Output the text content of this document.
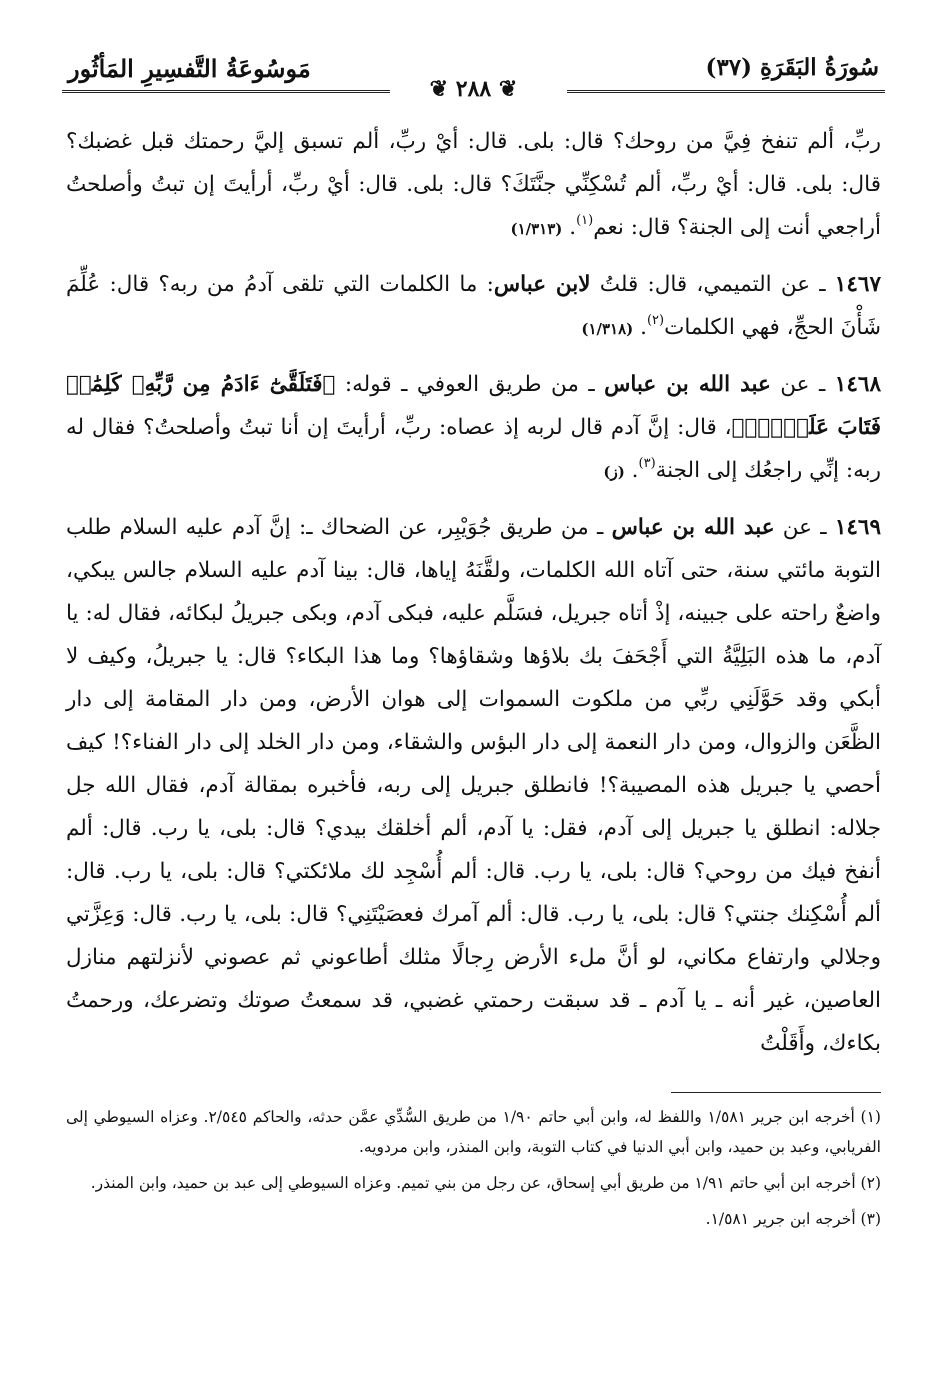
سُورَةُ البَقَرَةِ (٣٧)
❦ ٢٨٨ ❦
مَوسُوعَةُ التَّفسِيرِ المَأثُور

ربِّ، ألم تنفخ فِيَّ من روحك؟ قال: بلى. قال: أيْ ربِّ، ألم تسبق إليَّ رحمتك قبل غضبك؟ قال: بلى. قال: أيْ ربِّ، ألم تُسْكِنِّي جنَّتَكَ؟ قال: بلى. قال: أيْ ربِّ، أرأيتَ إن تبتُ وأصلحتُ أراجعي أنت إلى الجنة؟ قال: نعم$^{(١)}$. (١/٣١٣)

١٤٦٧ ـ عن التميمي، قال: قلتُ لابن عباس: ما الكلمات التي تلقى آدمُ من ربه؟ قال: عُلِّمَ شَأْنَ الحجِّ، فهي الكلمات$^{(٢)}$. (١/٣١٨)

١٤٦٨ ـ عن عبد الله بن عباس ـ من طريق العوفي ـ قوله: ﴿فَتَلَقَّىٰٓ ءَادَمُ مِن رَّبِّهِۦ كَلِمَٰتٖ فَتَابَ عَلَيۡهِۚ﴾، قال: إنَّ آدم قال لربه إذ عصاه: ربِّ، أرأيتَ إن أنا تبتُ وأصلحتُ؟ فقال له ربه: إنِّي راجعُك إلى الجنة$^{(٣)}$. (ز)

١٤٦٩ ـ عن عبد الله بن عباس ـ من طريق جُوَيْبِر، عن الضحاك ـ: إنَّ آدم عليه السلام طلب التوبة مائتي سنة، حتى آتاه الله الكلمات، ولقَّنَهُ إياها، قال: بينا آدم عليه السلام جالس يبكي، واضعٌ راحته على جبينه، إذْ أتاه جبريل، فسَلَّم عليه، فبكى آدم، وبكى جبريلُ لبكائه، فقال له: يا آدم، ما هذه البَلِيَّةُ التي أَجْحَفَ بك بلاؤها وشقاؤها؟ وما هذا البكاء؟ قال: يا جبريلُ، وكيف لا أبكي وقد حَوَّلَنِي ربِّي من ملكوت السموات إلى هوان الأرض، ومن دار المقامة إلى دار الظَّعَن والزوال، ومن دار النعمة إلى دار البؤس والشقاء، ومن دار الخلد إلى دار الفناء؟! كيف أحصي يا جبريل هذه المصيبة؟! فانطلق جبريل إلى ربه، فأخبره بمقالة آدم، فقال الله جل جلاله: انطلق يا جبريل إلى آدم، فقل: يا آدم، ألم أخلقك بيدي؟ قال: بلى، يا رب. قال: ألم أنفخ فيك من روحي؟ قال: بلى، يا رب. قال: ألم أُسْجِد لك ملائكتي؟ قال: بلى، يا رب. قال: ألم أُسْكِنك جنتي؟ قال: بلى، يا رب. قال: ألم آمرك فعصَيْتَنِي؟ قال: بلى، يا رب. قال: وَعِزَّتي وجلالي وارتفاع مكاني، لو أنَّ ملء الأرض رِجالًا مثلك أطاعوني ثم عصوني لأنزلتهم منازل العاصين، غير أنه ـ يا آدم ـ قد سبقت رحمتي غضبي، قد سمعتُ صوتك وتضرعك، ورحمتُ بكاءك، وأَقَلْتُ

(١) أخرجه ابن جرير ١/٥٨١ واللفظ له، وابن أبي حاتم ١/٩٠ من طريق السُّدِّي عمَّن حدثه، والحاكم ٢/٥٤٥. وعزاه السيوطي إلى الفريابي، وعبد بن حميد، وابن أبي الدنيا في كتاب التوبة، وابن المنذر، وابن مردويه.

(٢) أخرجه ابن أبي حاتم ١/٩١ من طريق أبي إسحاق، عن رجل من بني تميم. وعزاه السيوطي إلى عبد بن حميد، وابن المنذر.

(٣) أخرجه ابن جرير ١/٥٨١.
